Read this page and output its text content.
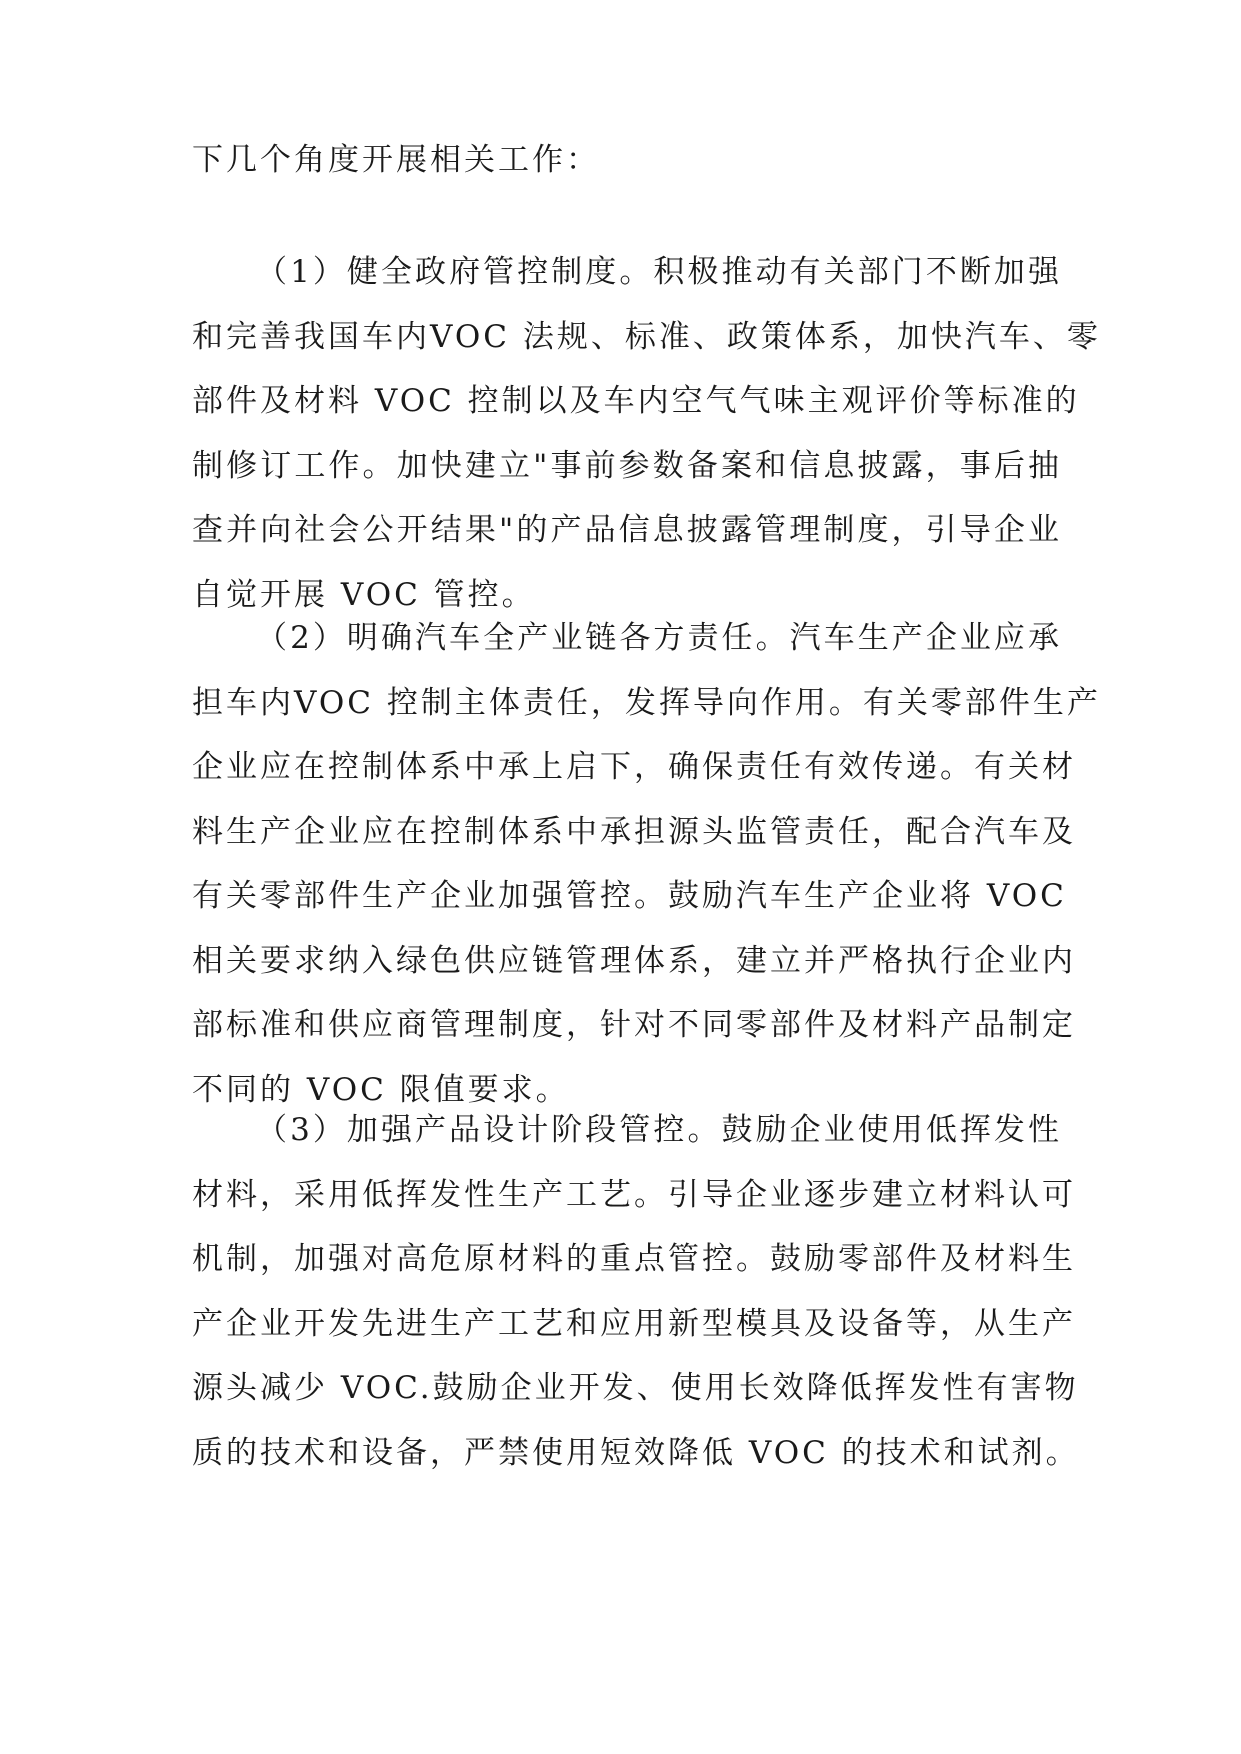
下几个角度开展相关工作：
（1）健全政府管控制度。积极推动有关部门不断加强
和完善我国车内VOC 法规、标准、政策体系，加快汽车、零
部件及材料 VOC 控制以及车内空气气味主观评价等标准的
制修订工作。加快建立"事前参数备案和信息披露，事后抽
查并向社会公开结果"的产品信息披露管理制度，引导企业
自觉开展 VOC 管控。
（2）明确汽车全产业链各方责任。汽车生产企业应承
担车内VOC 控制主体责任，发挥导向作用。有关零部件生产
企业应在控制体系中承上启下，确保责任有效传递。有关材
料生产企业应在控制体系中承担源头监管责任，配合汽车及
有关零部件生产企业加强管控。鼓励汽车生产企业将 VOC
相关要求纳入绿色供应链管理体系，建立并严格执行企业内
部标准和供应商管理制度，针对不同零部件及材料产品制定
不同的 VOC 限值要求。
（3）加强产品设计阶段管控。鼓励企业使用低挥发性
材料，采用低挥发性生产工艺。引导企业逐步建立材料认可
机制，加强对高危原材料的重点管控。鼓励零部件及材料生
产企业开发先进生产工艺和应用新型模具及设备等，从生产
源头减少 VOC.鼓励企业开发、使用长效降低挥发性有害物
质的技术和设备，严禁使用短效降低 VOC 的技术和试剂。
